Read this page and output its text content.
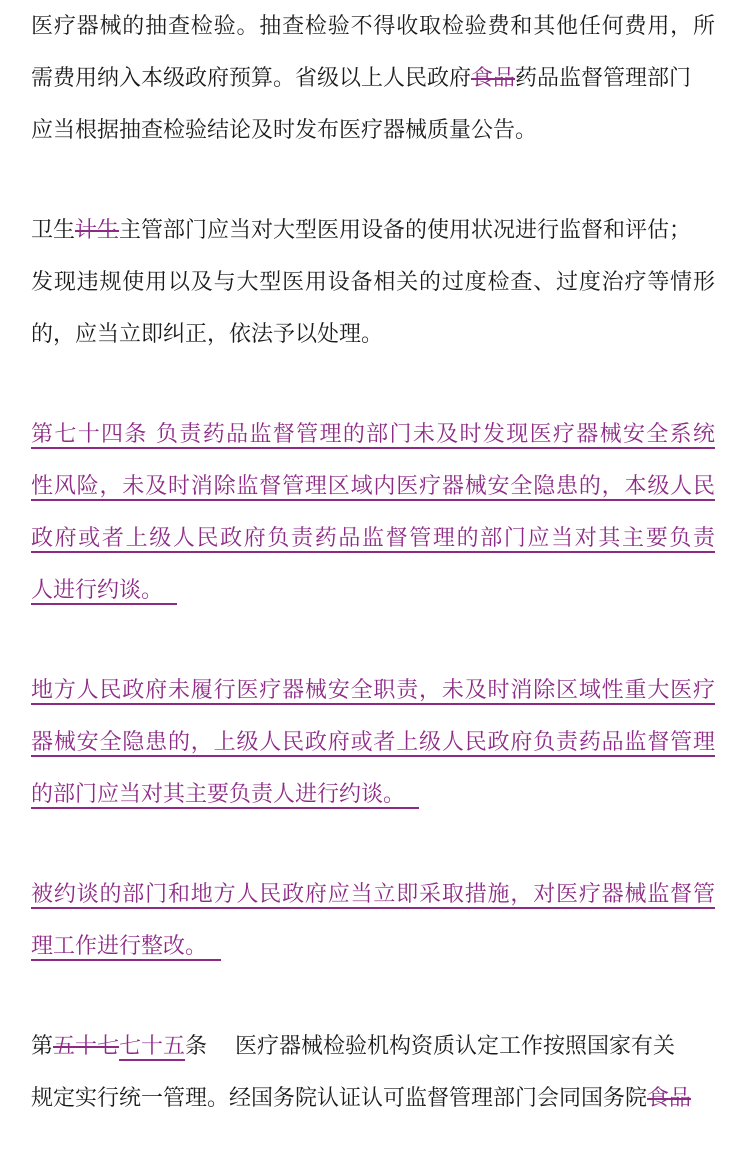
医疗器械的抽查检验。抽查检验不得收取检验费和其他任何费用，所
需费用纳入本级政府预算。省级以上人民政府食品药品监督管理部门
应当根据抽查检验结论及时发布医疗器械质量公告。
卫生计生主管部门应当对大型医用设备的使用状况进行监督和评估；
发现违规使用以及与大型医用设备相关的过度检查、过度治疗等情形
的，应当立即纠正，依法予以处理。
第七十四条 负责药品监督管理的部门未及时发现医疗器械安全系统
性风险，未及时消除监督管理区域内医疗器械安全隐患的，本级人民
政府或者上级人民政府负责药品监督管理的部门应当对其主要负责
人进行约谈。
地方人民政府未履行医疗器械安全职责，未及时消除区域性重大医疗
器械安全隐患的，上级人民政府或者上级人民政府负责药品监督管理
的部门应当对其主要负责人进行约谈。
被约谈的部门和地方人民政府应当立即采取措施，对医疗器械监督管
理工作进行整改。
第五十七七十五条    医疗器械检验机构资质认定工作按照国家有关
规定实行统一管理。经国务院认证认可监督管理部门会同国务院食品
